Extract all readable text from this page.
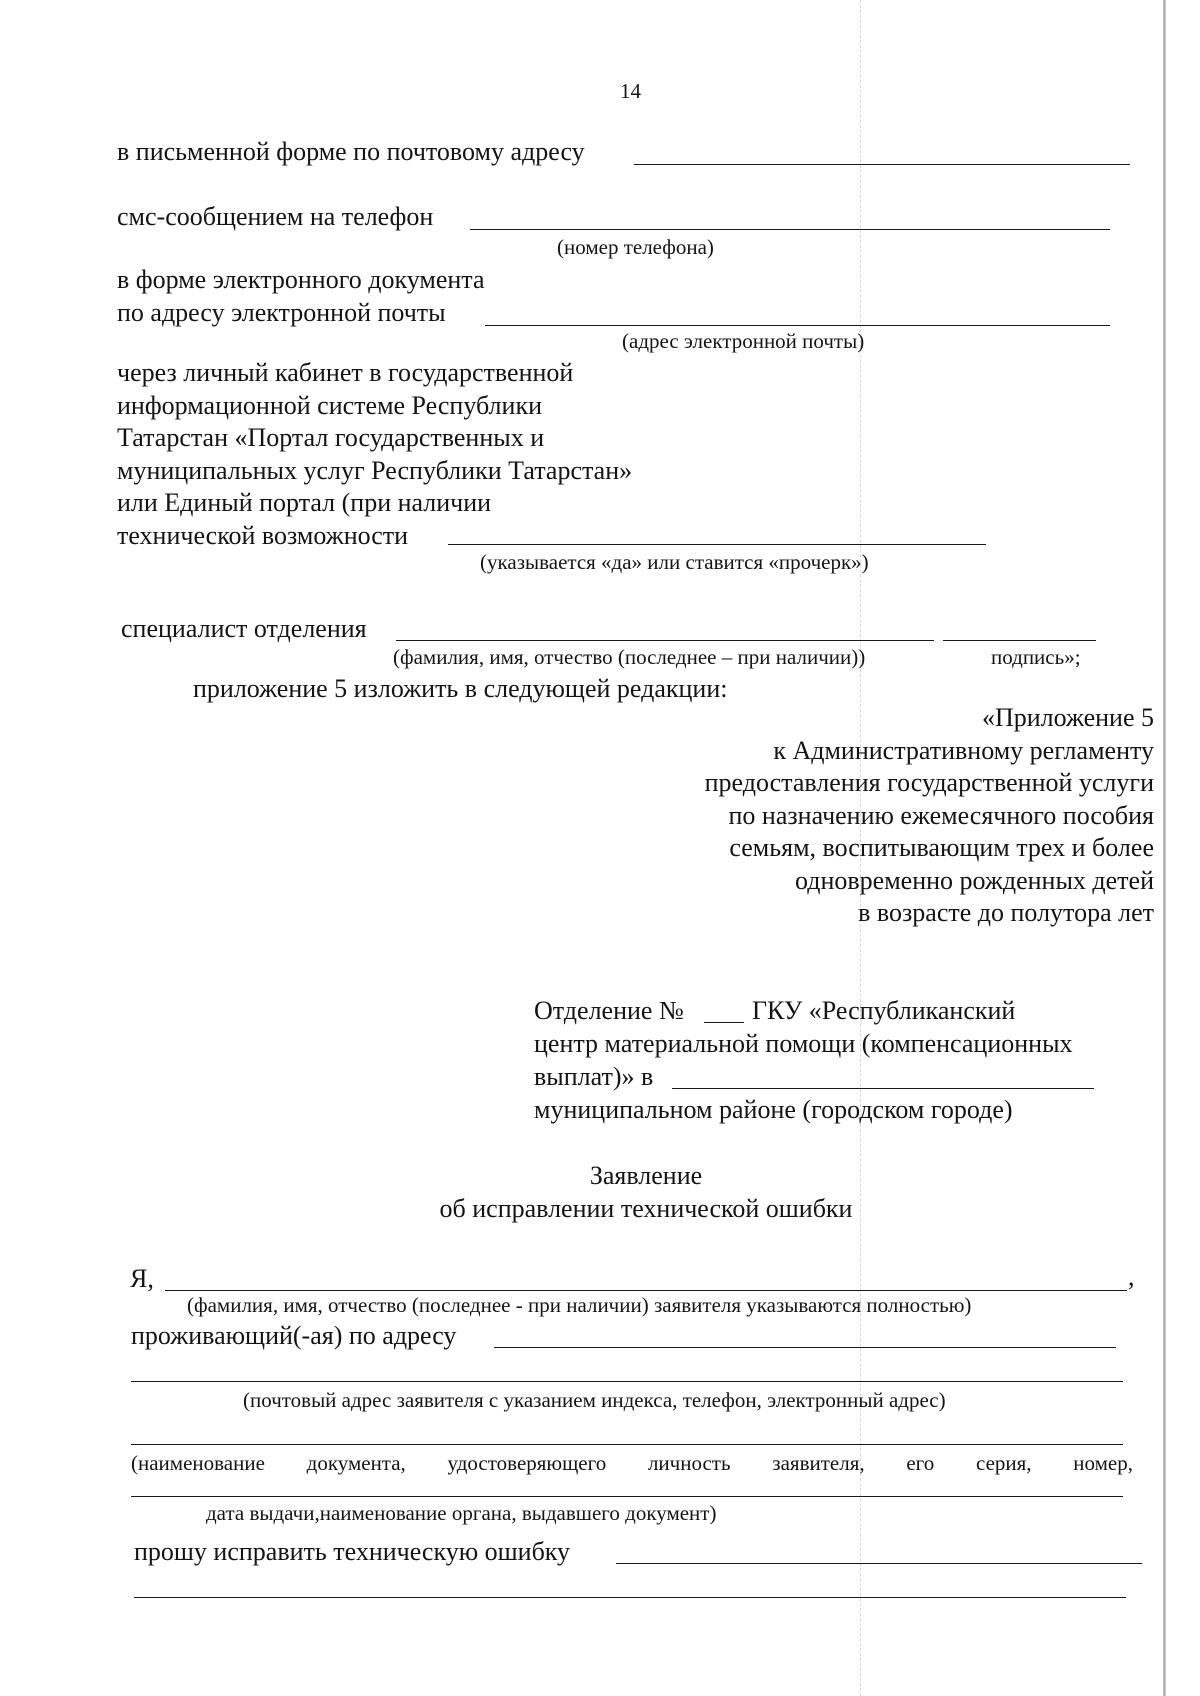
14
в письменной форме по почтовому адресу
смс-сообщением на телефон
(номер телефона)
в форме электронного документа
по адресу электронной почты
(адрес электронной почты)
через личный кабинет в государственной
информационной системе Республики
Татарстан «Портал государственных и
муниципальных услуг Республики Татарстан»
или Единый портал (при наличии
технической возможности
(указывается «да» или ставится «прочерк»)
специалист отделения
(фамилия, имя, отчество (последнее – при наличии))	подпись»;
приложение 5 изложить в следующей редакции:
«Приложение 5
к Административному регламенту
предоставления государственной услуги
по назначению ежемесячного пособия
семьям, воспитывающим трех и более
одновременно рожденных детей
в возрасте до полутора лет
Отделение №	ГКУ «Республиканский
центр материальной помощи (компенсационных
выплат)» в
муниципальном районе (городском городе)
Заявление
об исправлении технической ошибки
Я,	,
(фамилия, имя, отчество (последнее - при наличии) заявителя указываются полностью)
проживающий(-ая) по адресу
(почтовый адрес заявителя с указанием индекса, телефон, электронный адрес)
(наименование документа, удостоверяющего личность заявителя, его серия, номер,
дата выдачи,наименование органа, выдавшего документ)
прошу исправить техническую ошибку
